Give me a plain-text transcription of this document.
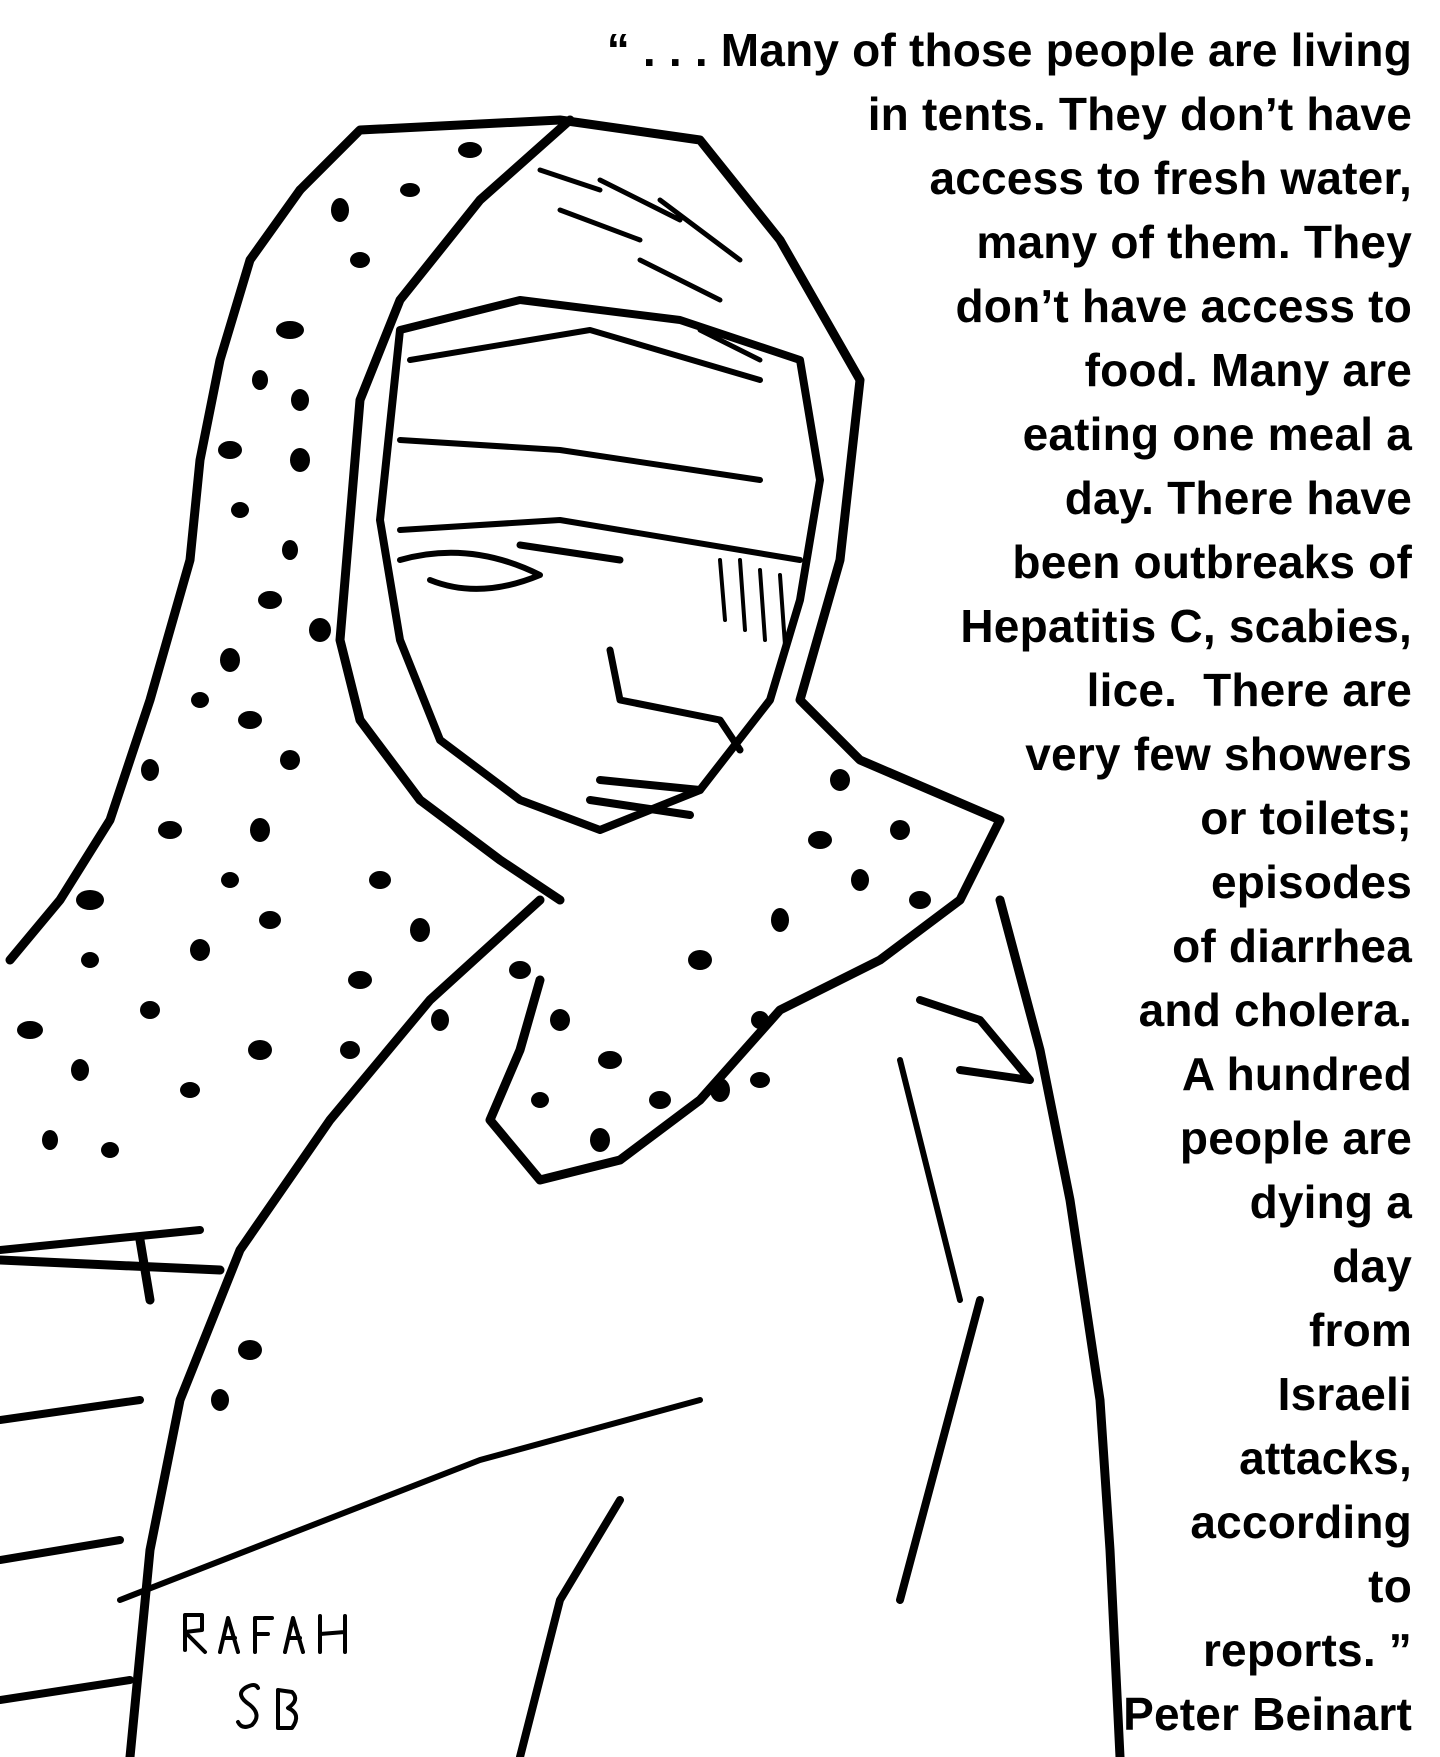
“ . . . Many of those people are living
in tents. They don’t have
access to fresh water,
many of them. They
don’t have access to
food. Many are
eating one meal a
day. There have
been outbreaks of
Hepatitis C, scabies,
lice.  There are
very few showers
or toilets;
episodes
of diarrhea
and cholera.
A hundred
people are
dying a
day
from
Israeli
attacks,
according
to
reports. ”
Peter Beinart
